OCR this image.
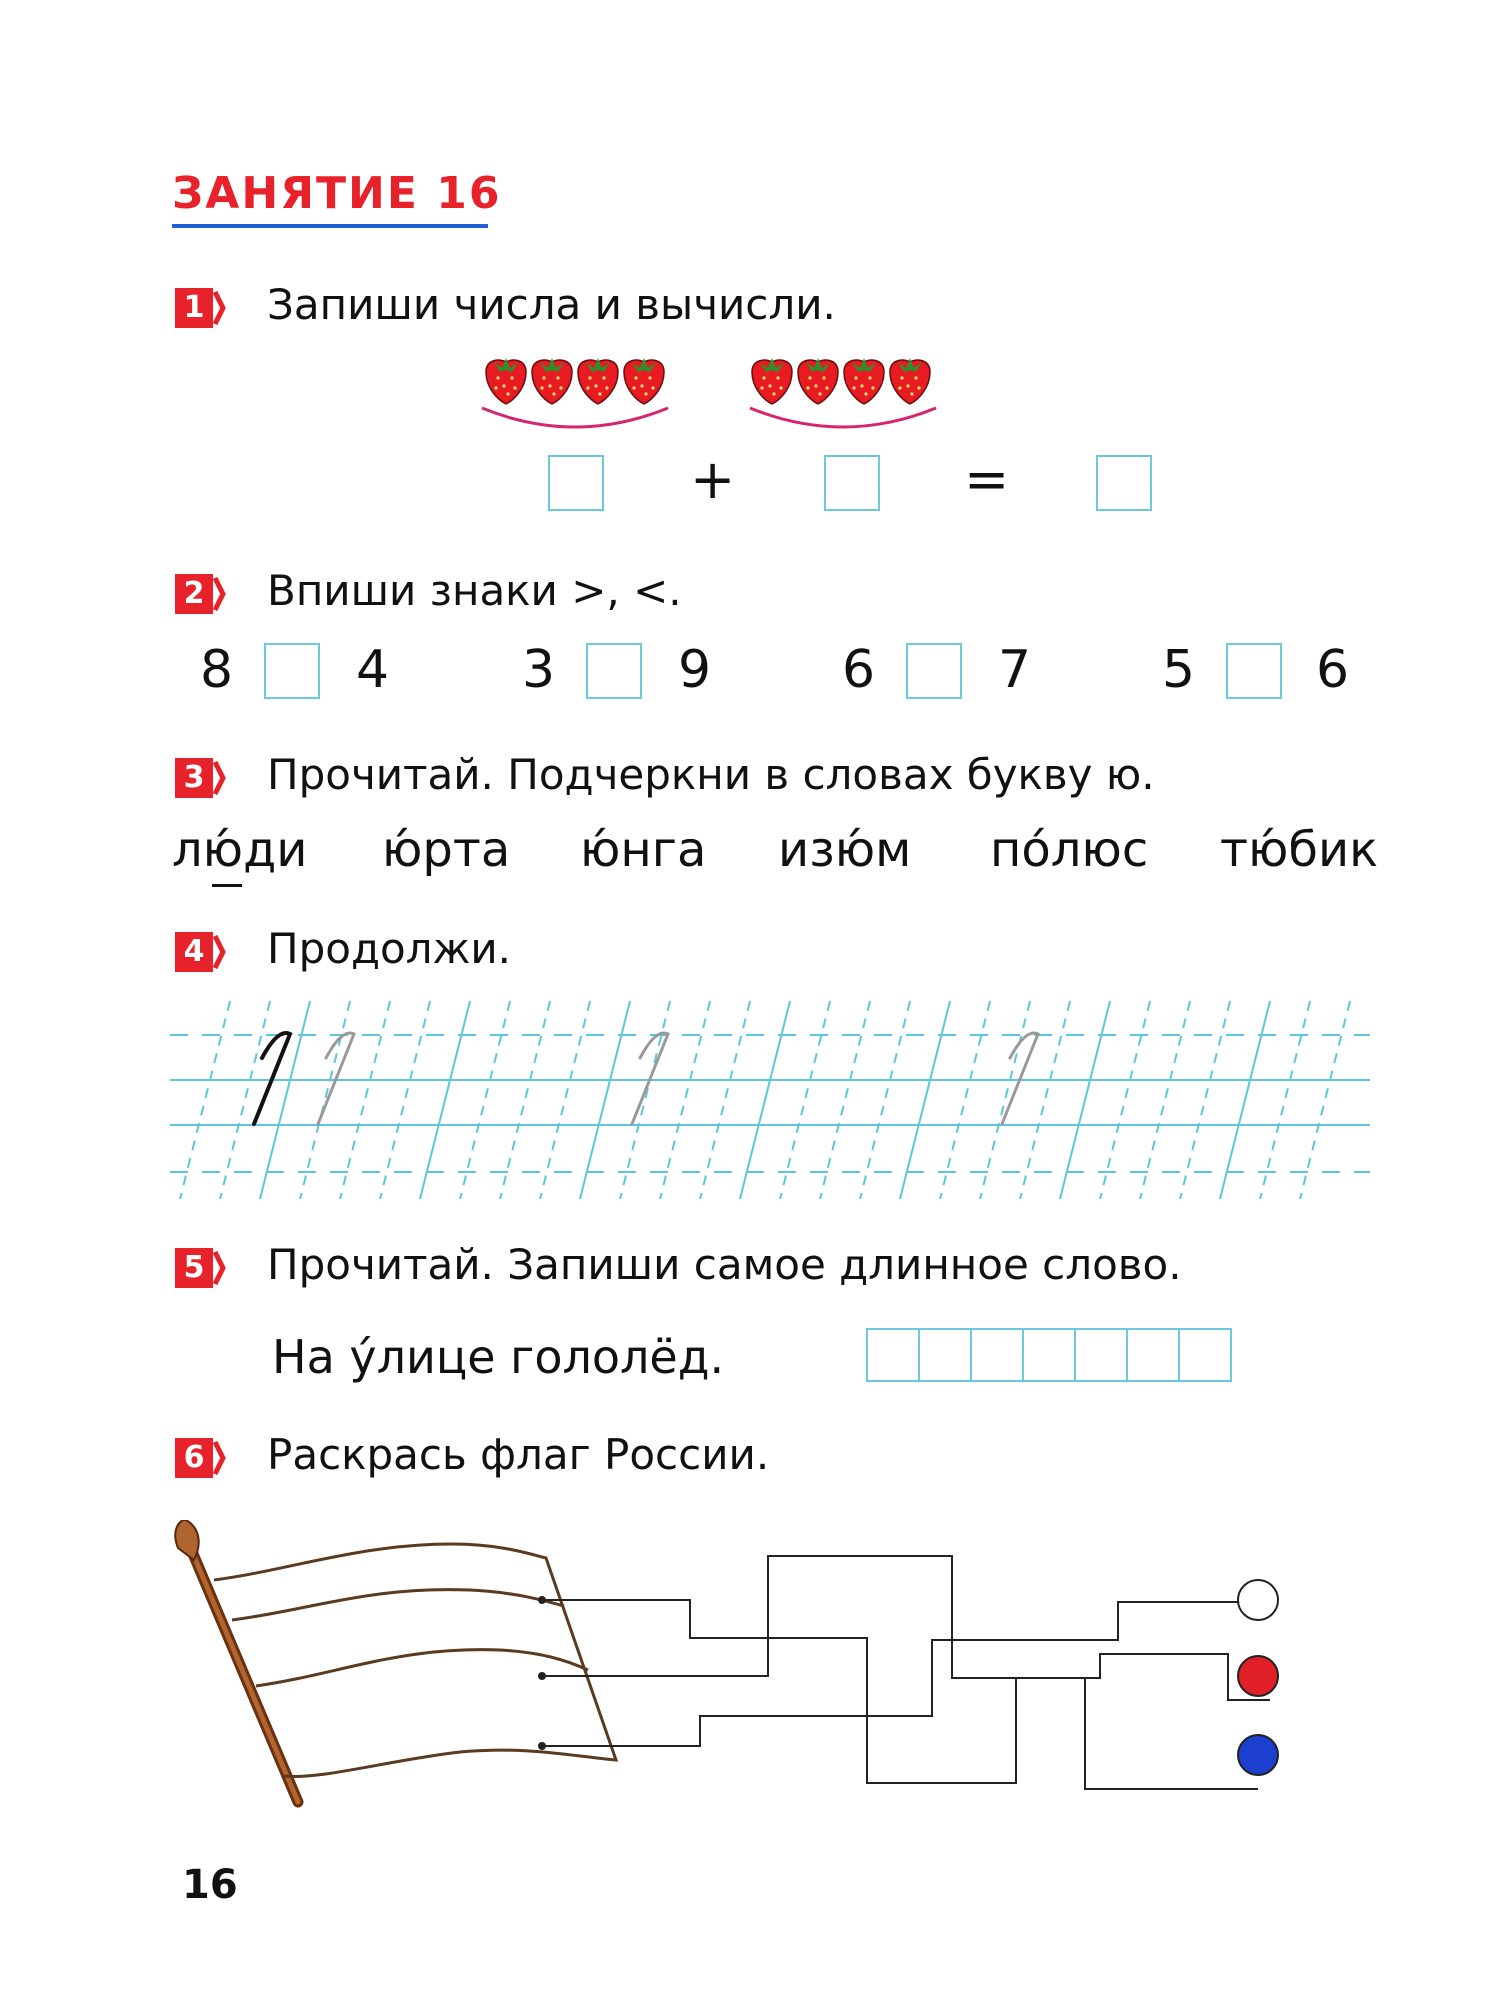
ЗАНЯТИЕ 16
1 Запиши числа и вычисли.
+	=
2 Впиши знаки >, <.
8 4	3 9	6 7	5 6
3 Прочитай. Подчеркни в словах букву ю.
лю́ди ю́рта ю́нга изю́м по́люс тю́бик
4 Продолжи.
5 Прочитай. Запиши самое длинное слово.
На у́лице гололёд.
6 Раскрась флаг России.
16
